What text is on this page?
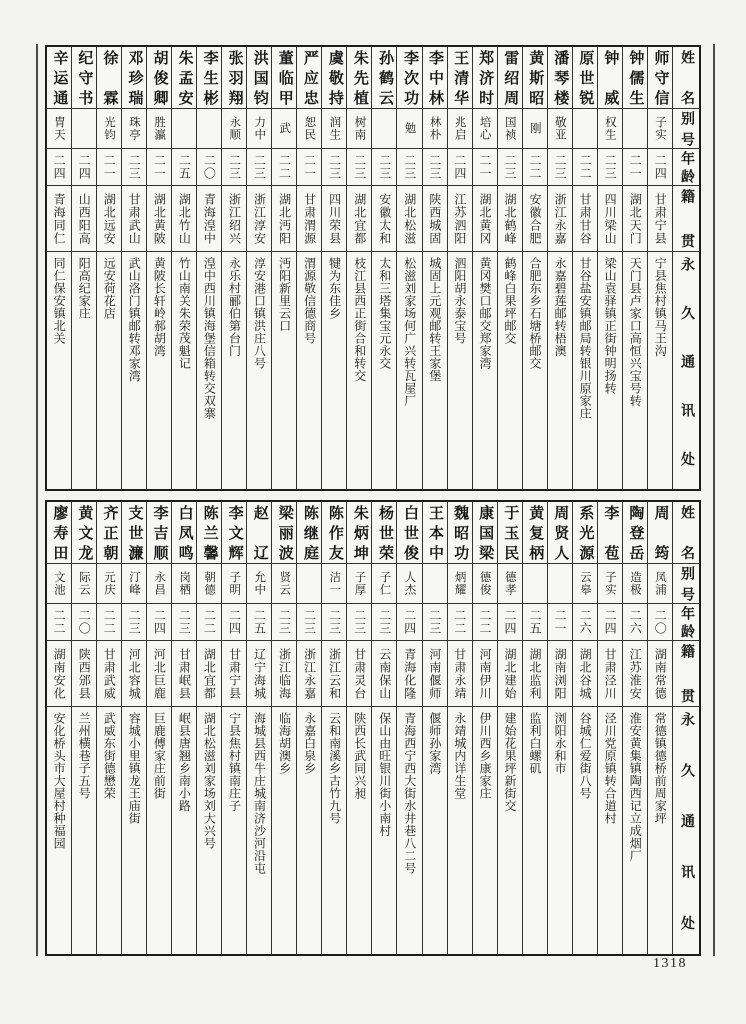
姓名
别号
年龄
籍贯
永久通讯处
师守信
子实
二四
甘肃宁县
宁县焦村镇马王沟
钟儒生
二一
湖北天门
天门县卢家口高恒兴宝号转
钟威
权生
二三
四川梁山
梁山袁驿镇正街钟明扬转
原世锐
二二
甘肃甘谷
甘谷盐安镇邮局转银川原家庄
潘琴楼
敬亚
二三
浙江永嘉
永嘉碧莲邮转梧澳
黄斯昭
刚
二二
安徽合肥
合肥东乡石塘桥邮交
雷绍周
国祯
二三
湖北鹤峰
鹤峰白果坪邮交
郑济时
培心
二一
湖北黄冈
黄冈樊口邮交郑家湾
王清华
兆启
二四
江苏泗阳
泗阳胡永泰宝号
李中林
林朴
二三
陕西城固
城固上元观邮转王家堡
李次功
勉
二三
湖北松滋
松滋刘家场何广兴转瓦屋厂
孙鹤云
二三
安徽太和
太和三塔集宝元永交
朱先植
树南
二三
湖北宜都
枝江县西正街合和转交
虞敬持
润生
二三
四川荣县
犍为东佳乡
严应忠
恕民
二一
甘肃渭源
渭源敬信德商号
董临甲
武
二二
湖北沔阳
沔阳新里云口
洪国钧
力中
二三
浙江淳安
淳安港口镇洪庄八号
张羽翔
永顺
二三
浙江绍兴
永乐村郦伯第台门
李生彬
二〇
青海湟中
湟中西川镇海堡信箱转交双寨
朱孟安
二五
湖北竹山
竹山南关朱荣茂魁记
胡俊卿
胜瀛
二一
湖北黄陂
黄陂长轩岭郝胡湾
邓珍瑞
珠亭
二三
甘肃武山
武山洛门镇邮转邓家湾
徐霖
光钧
二一
湖北远安
远安荷花店
纪守书
二四
山西阳高
阳高纪家庄
辛运通
胄天
二四
青海同仁
同仁保安镇北关
姓名
别号
年龄
籍贯
永久通讯处
周筠
凤浦
二〇
湖南常德
常德镇德桥前周家坪
陶登岳
造极
二六
江苏淮安
淮安黄集镇陶西记立成烟厂
李苞
子实
二四
甘肃泾川
泾川党原镇转合道村
系光源
云皋
二六
湖北谷城
谷城仁爱街八号
周贤人
二一
湖南浏阳
浏阳永和市
黄复柄
二五
湖北监利
监利白螺矶
于玉民
德孝
二四
湖北建始
建始花果坪新街交
康国梁
德俊
二二
河南伊川
伊川西乡康家庄
魏昭功
炳耀
二二
甘肃永靖
永靖城内详生堂
王本中
二三
河南偃师
偃师孙家湾
白世俊
人杰
二四
青海化隆
青海西宁西大街水井巷八二号
杨世荣
子仁
二三
云南保山
保山由旺银川街小南村
朱炳坤
子厚
二三
甘肃灵台
陕西长武同兴昶
陈作友
洁一
二三
浙江云和
云和南溪乡古竹九号
陈继庭
二三
浙江永嘉
永嘉白泉乡
梁丽波
贤云
二三
浙江临海
临海胡澳乡
赵辽
允中
二五
辽宁海城
海城县西牛庄城南济沙河沿屯
李文辉
子明
二四
甘肃宁县
宁县焦村镇南庄子
陈兰馨
朝德
二二
湖北宜都
湖北松滋刘家场刘大兴号
白凤鸣
岗栖
二三
甘肃岷县
岷县唐翘乡南小路
李吉顺
永昌
二四
河北巨鹿
巨鹿傅家庄前街
支世濂
汀峰
二三
河北容城
容城小里镇龙王庙街
齐正朝
元庆
二二
甘肃武威
武威东街德懋荣
黄文龙
际云
二〇
陕西邠县
兰州横巷子五号
廖寿田
文池
二二
湖南安化
安化桥头市大屋村种福园
1318
